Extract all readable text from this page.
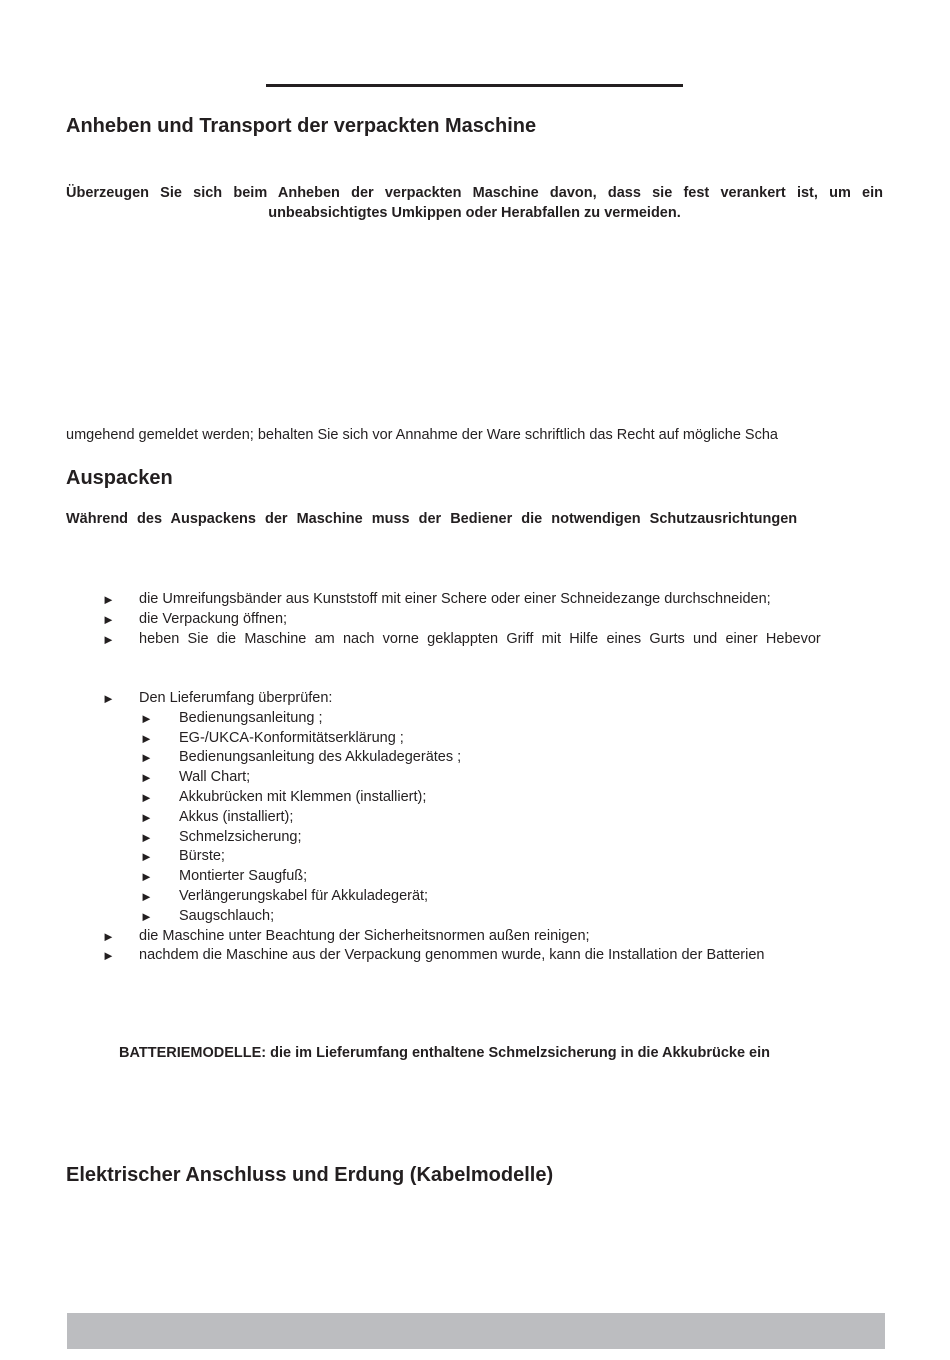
Anheben und Transport der verpackten Maschine
Überzeugen Sie sich beim Anheben der verpackten Maschine davon, dass sie fest verankert ist, um ein unbeabsichtigtes Umkippen oder Herabfallen zu vermeiden.
umgehend gemeldet werden; behalten Sie sich vor Annahme der Ware schriftlich das Recht auf mögliche Scha
Auspacken
Während des Auspackens der Maschine muss der Bediener die notwendigen Schutzausrichtungen
► die Umreifungsbänder aus Kunststoff mit einer Schere oder einer Schneidezange durchschneiden;
► die Verpackung öffnen;
► heben Sie die Maschine am nach vorne geklappten Griff mit Hilfe eines Gurts und einer Hebevor
► Den Lieferumfang überprüfen:
► Bedienungsanleitung ;
► EG-/UKCA-Konformitätserklärung ;
► Bedienungsanleitung des Akkuladegerätes ;
► Wall Chart;
► Akkubrücken mit Klemmen (installiert);
► Akkus (installiert);
► Schmelzsicherung;
► Bürste;
► Montierter Saugfuß;
► Verlängerungskabel für Akkuladegerät;
► Saugschlauch;
► die Maschine unter Beachtung der Sicherheitsnormen außen reinigen;
► nachdem die Maschine aus der Verpackung genommen wurde, kann die Installation der Batterien
BATTERIEMODELLE: die im Lieferumfang enthaltene Schmelzsicherung in die Akkubrücke ein
Elektrischer Anschluss und Erdung (Kabelmodelle)
